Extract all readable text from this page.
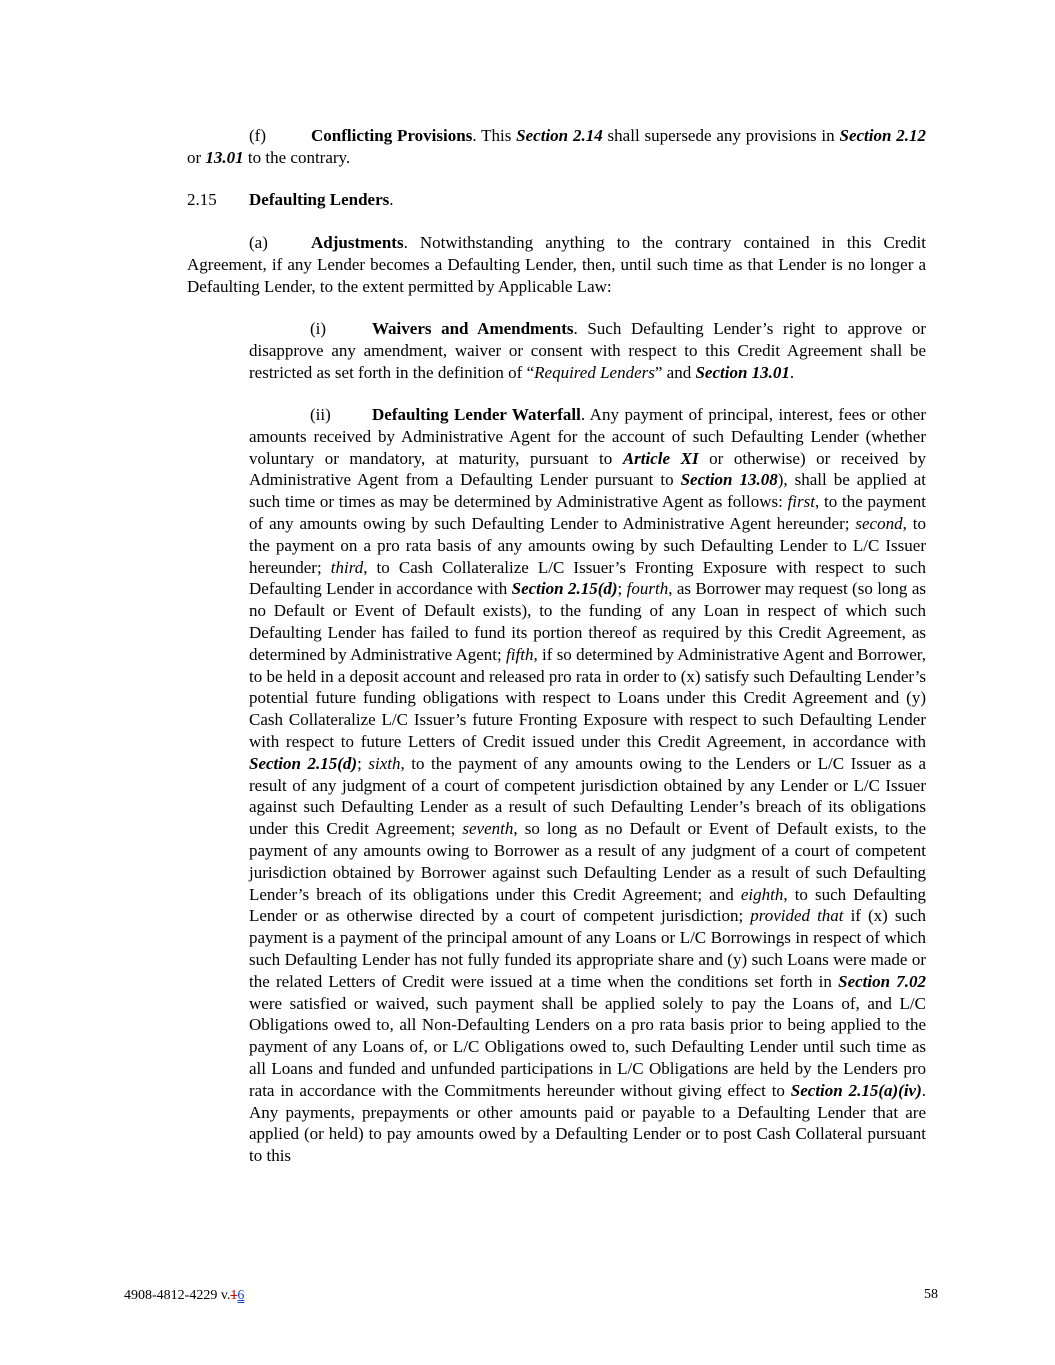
(f)	Conflicting Provisions. This Section 2.14 shall supersede any provisions in Section 2.12 or 13.01 to the contrary.

2.15 Defaulting Lenders.

(a)	Adjustments. Notwithstanding anything to the contrary contained in this Credit Agreement, if any Lender becomes a Defaulting Lender, then, until such time as that Lender is no longer a Defaulting Lender, to the extent permitted by Applicable Law:

(i)	Waivers and Amendments. Such Defaulting Lender’s right to approve or disapprove any amendment, waiver or consent with respect to this Credit Agreement shall be restricted as set forth in the definition of “Required Lenders” and Section 13.01.

(ii) Defaulting Lender Waterfall. Any payment of principal, interest, fees or other amounts received by Administrative Agent for the account of such Defaulting Lender (whether voluntary or mandatory, at maturity, pursuant to Article XI or otherwise) or received by Administrative Agent from a Defaulting Lender pursuant to Section 13.08), shall be applied at such time or times as may be determined by Administrative Agent as follows: first, to the payment of any amounts owing by such Defaulting Lender to Administrative Agent hereunder; second, to the payment on a pro rata basis of any amounts owing by such Defaulting Lender to L/C Issuer hereunder; third, to Cash Collateralize L/C Issuer’s Fronting Exposure with respect to such Defaulting Lender in accordance with Section 2.15(d); fourth, as Borrower may request (so long as no Default or Event of Default exists), to the funding of any Loan in respect of which such Defaulting Lender has failed to fund its portion thereof as required by this Credit Agreement, as determined by Administrative Agent; fifth, if so determined by Administrative Agent and Borrower, to be held in a deposit account and released pro rata in order to (x) satisfy such Defaulting Lender’s potential future funding obligations with respect to Loans under this Credit Agreement and (y) Cash Collateralize L/C Issuer’s future Fronting Exposure with respect to such Defaulting Lender with respect to future Letters of Credit issued under this Credit Agreement, in accordance with Section 2.15(d); sixth, to the payment of any amounts owing to the Lenders or L/C Issuer as a result of any judgment of a court of competent jurisdiction obtained by any Lender or L/C Issuer against such Defaulting Lender as a result of such Defaulting Lender’s breach of its obligations under this Credit Agreement; seventh, so long as no Default or Event of Default exists, to the payment of any amounts owing to Borrower as a result of any judgment of a court of competent jurisdiction obtained by Borrower against such Defaulting Lender as a result of such Defaulting Lender’s breach of its obligations under this Credit Agreement; and eighth, to such Defaulting Lender or as otherwise directed by a court of competent jurisdiction; provided that if (x) such payment is a payment of the principal amount of any Loans or L/C Borrowings in respect of which such Defaulting Lender has not fully funded its appropriate share and (y) such Loans were made or the related Letters of Credit were issued at a time when the conditions set forth in Section 7.02 were satisfied or waived, such payment shall be applied solely to pay the Loans of, and L/C Obligations owed to, all Non-Defaulting Lenders on a pro rata basis prior to being applied to the payment of any Loans of, or L/C Obligations owed to, such Defaulting Lender until such time as all Loans and funded and unfunded participations in L/C Obligations are held by the Lenders pro rata in accordance with the Commitments hereunder without giving effect to Section 2.15(a)(iv). Any payments, prepayments or other amounts paid or payable to a Defaulting Lender that are applied (or held) to pay amounts owed by a Defaulting Lender or to post Cash Collateral pursuant to this

4908-4812-4229 v.16	58
